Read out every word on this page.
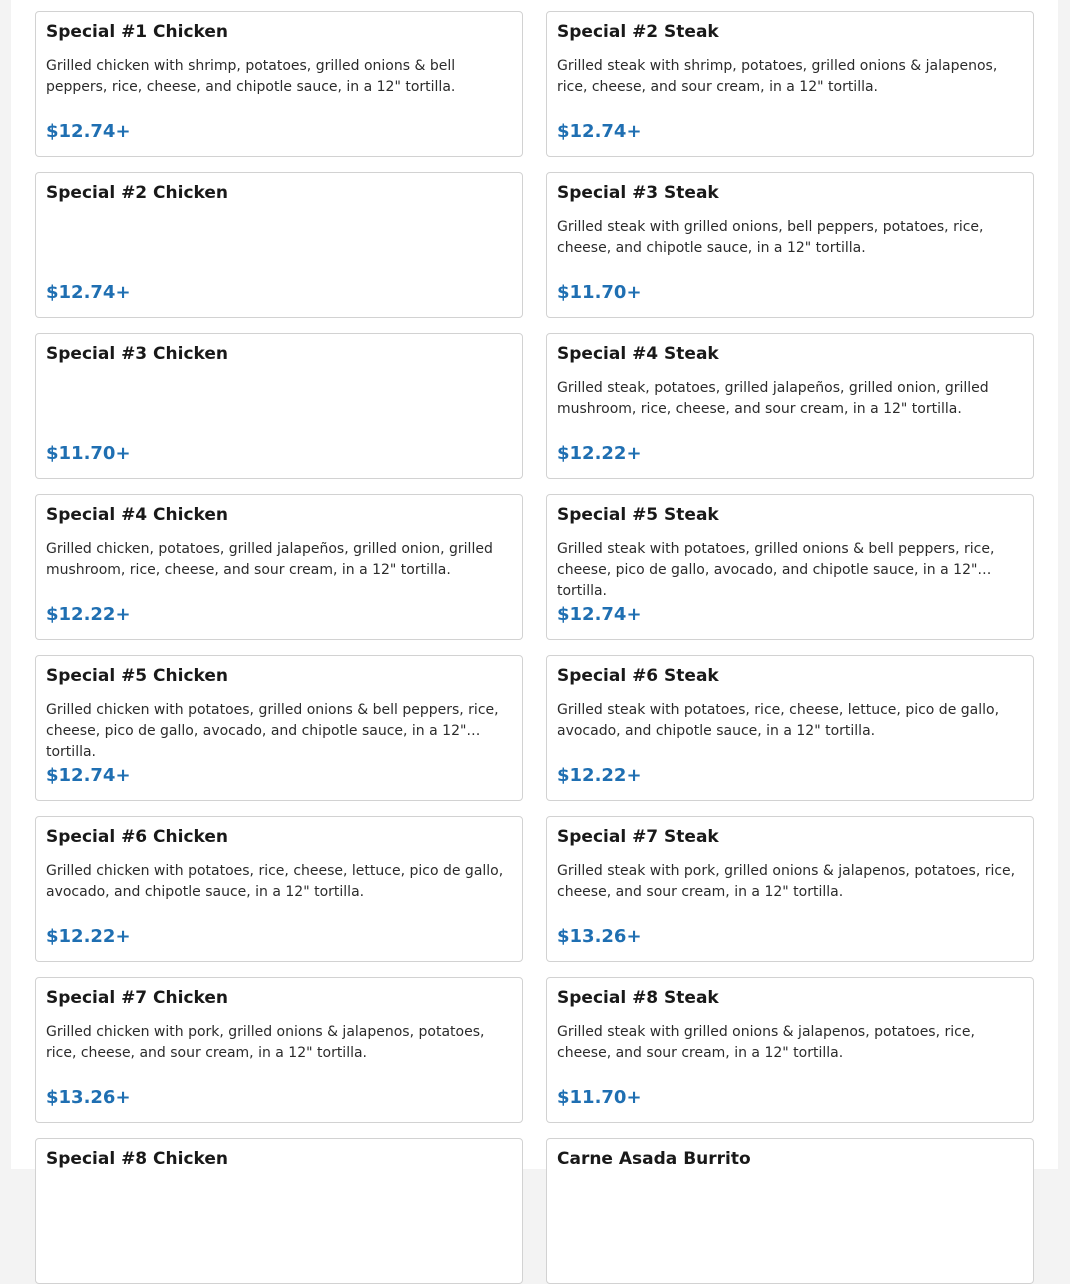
Special #1 Chicken
Grilled chicken with shrimp, potatoes, grilled onions & bell peppers, rice, cheese, and chipotle sauce, in a 12" tortilla.
$12.74+
Special #2 Steak
Grilled steak with shrimp, potatoes, grilled onions & jalapenos, rice, cheese, and sour cream, in a 12" tortilla.
$12.74+
Special #2 Chicken
$12.74+
Special #3 Steak
Grilled steak with grilled onions, bell peppers, potatoes, rice, cheese, and chipotle sauce, in a 12" tortilla.
$11.70+
Special #3 Chicken
$11.70+
Special #4 Steak
Grilled steak, potatoes, grilled jalapeños, grilled onion, grilled mushroom, rice, cheese, and sour cream, in a 12" tortilla.
$12.22+
Special #4 Chicken
Grilled chicken, potatoes, grilled jalapeños, grilled onion, grilled mushroom, rice, cheese, and sour cream, in a 12" tortilla.
$12.22+
Special #5 Steak
Grilled steak with potatoes, grilled onions & bell peppers, rice, cheese, pico de gallo, avocado, and chipotle sauce, in a 12" tortilla.
$12.74+
Special #5 Chicken
Grilled chicken with potatoes, grilled onions & bell peppers, rice, cheese, pico de gallo, avocado, and chipotle sauce, in a 12" tortilla.
$12.74+
Special #6 Steak
Grilled steak with potatoes, rice, cheese, lettuce, pico de gallo, avocado, and chipotle sauce, in a 12" tortilla.
$12.22+
Special #6 Chicken
Grilled chicken with potatoes, rice, cheese, lettuce, pico de gallo, avocado, and chipotle sauce, in a 12" tortilla.
$12.22+
Special #7 Steak
Grilled steak with pork, grilled onions & jalapenos, potatoes, rice, cheese, and sour cream, in a 12" tortilla.
$13.26+
Special #7 Chicken
Grilled chicken with pork, grilled onions & jalapenos, potatoes, rice, cheese, and sour cream, in a 12" tortilla.
$13.26+
Special #8 Steak
Grilled steak with grilled onions & jalapenos, potatoes, rice, cheese, and sour cream, in a 12" tortilla.
$11.70+
Special #8 Chicken	Carne Asada Burrito
